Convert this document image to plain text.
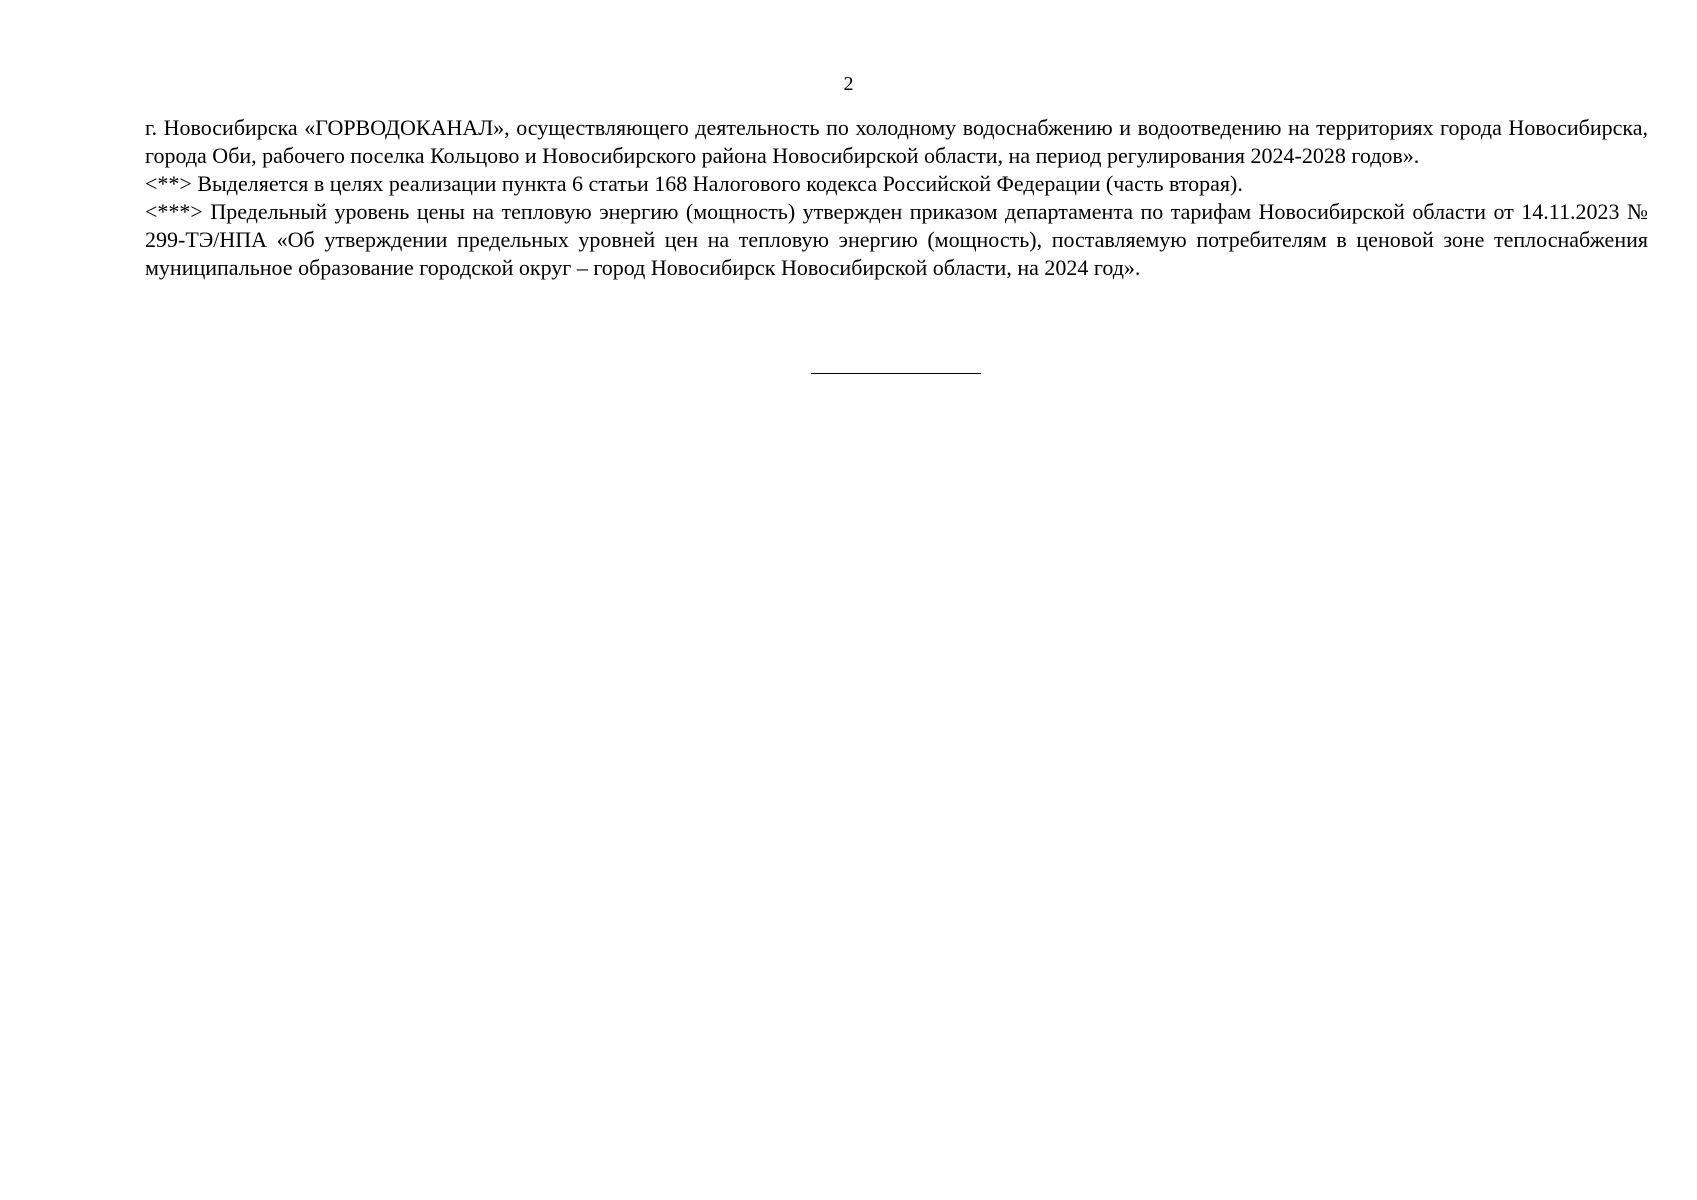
2

г. Новосибирска «ГОРВОДОКАНАЛ», осуществляющего деятельность по холодному водоснабжению и водоотведению на территориях города Новосибирска, города Оби, рабочего поселка Кольцово и Новосибирского района Новосибирской области, на период регулирования 2024-2028 годов».

<**> Выделяется в целях реализации пункта 6 статьи 168 Налогового кодекса Российской Федерации (часть вторая).

<***> Предельный уровень цены на тепловую энергию (мощность) утвержден приказом департамента по тарифам Новосибирской области от 14.11.2023 № 299-ТЭ/НПА «Об утверждении предельных уровней цен на тепловую энергию (мощность), поставляемую потребителям в ценовой зоне теплоснабжения муниципальное образование городской округ – город Новосибирск Новосибирской области, на 2024 год».
